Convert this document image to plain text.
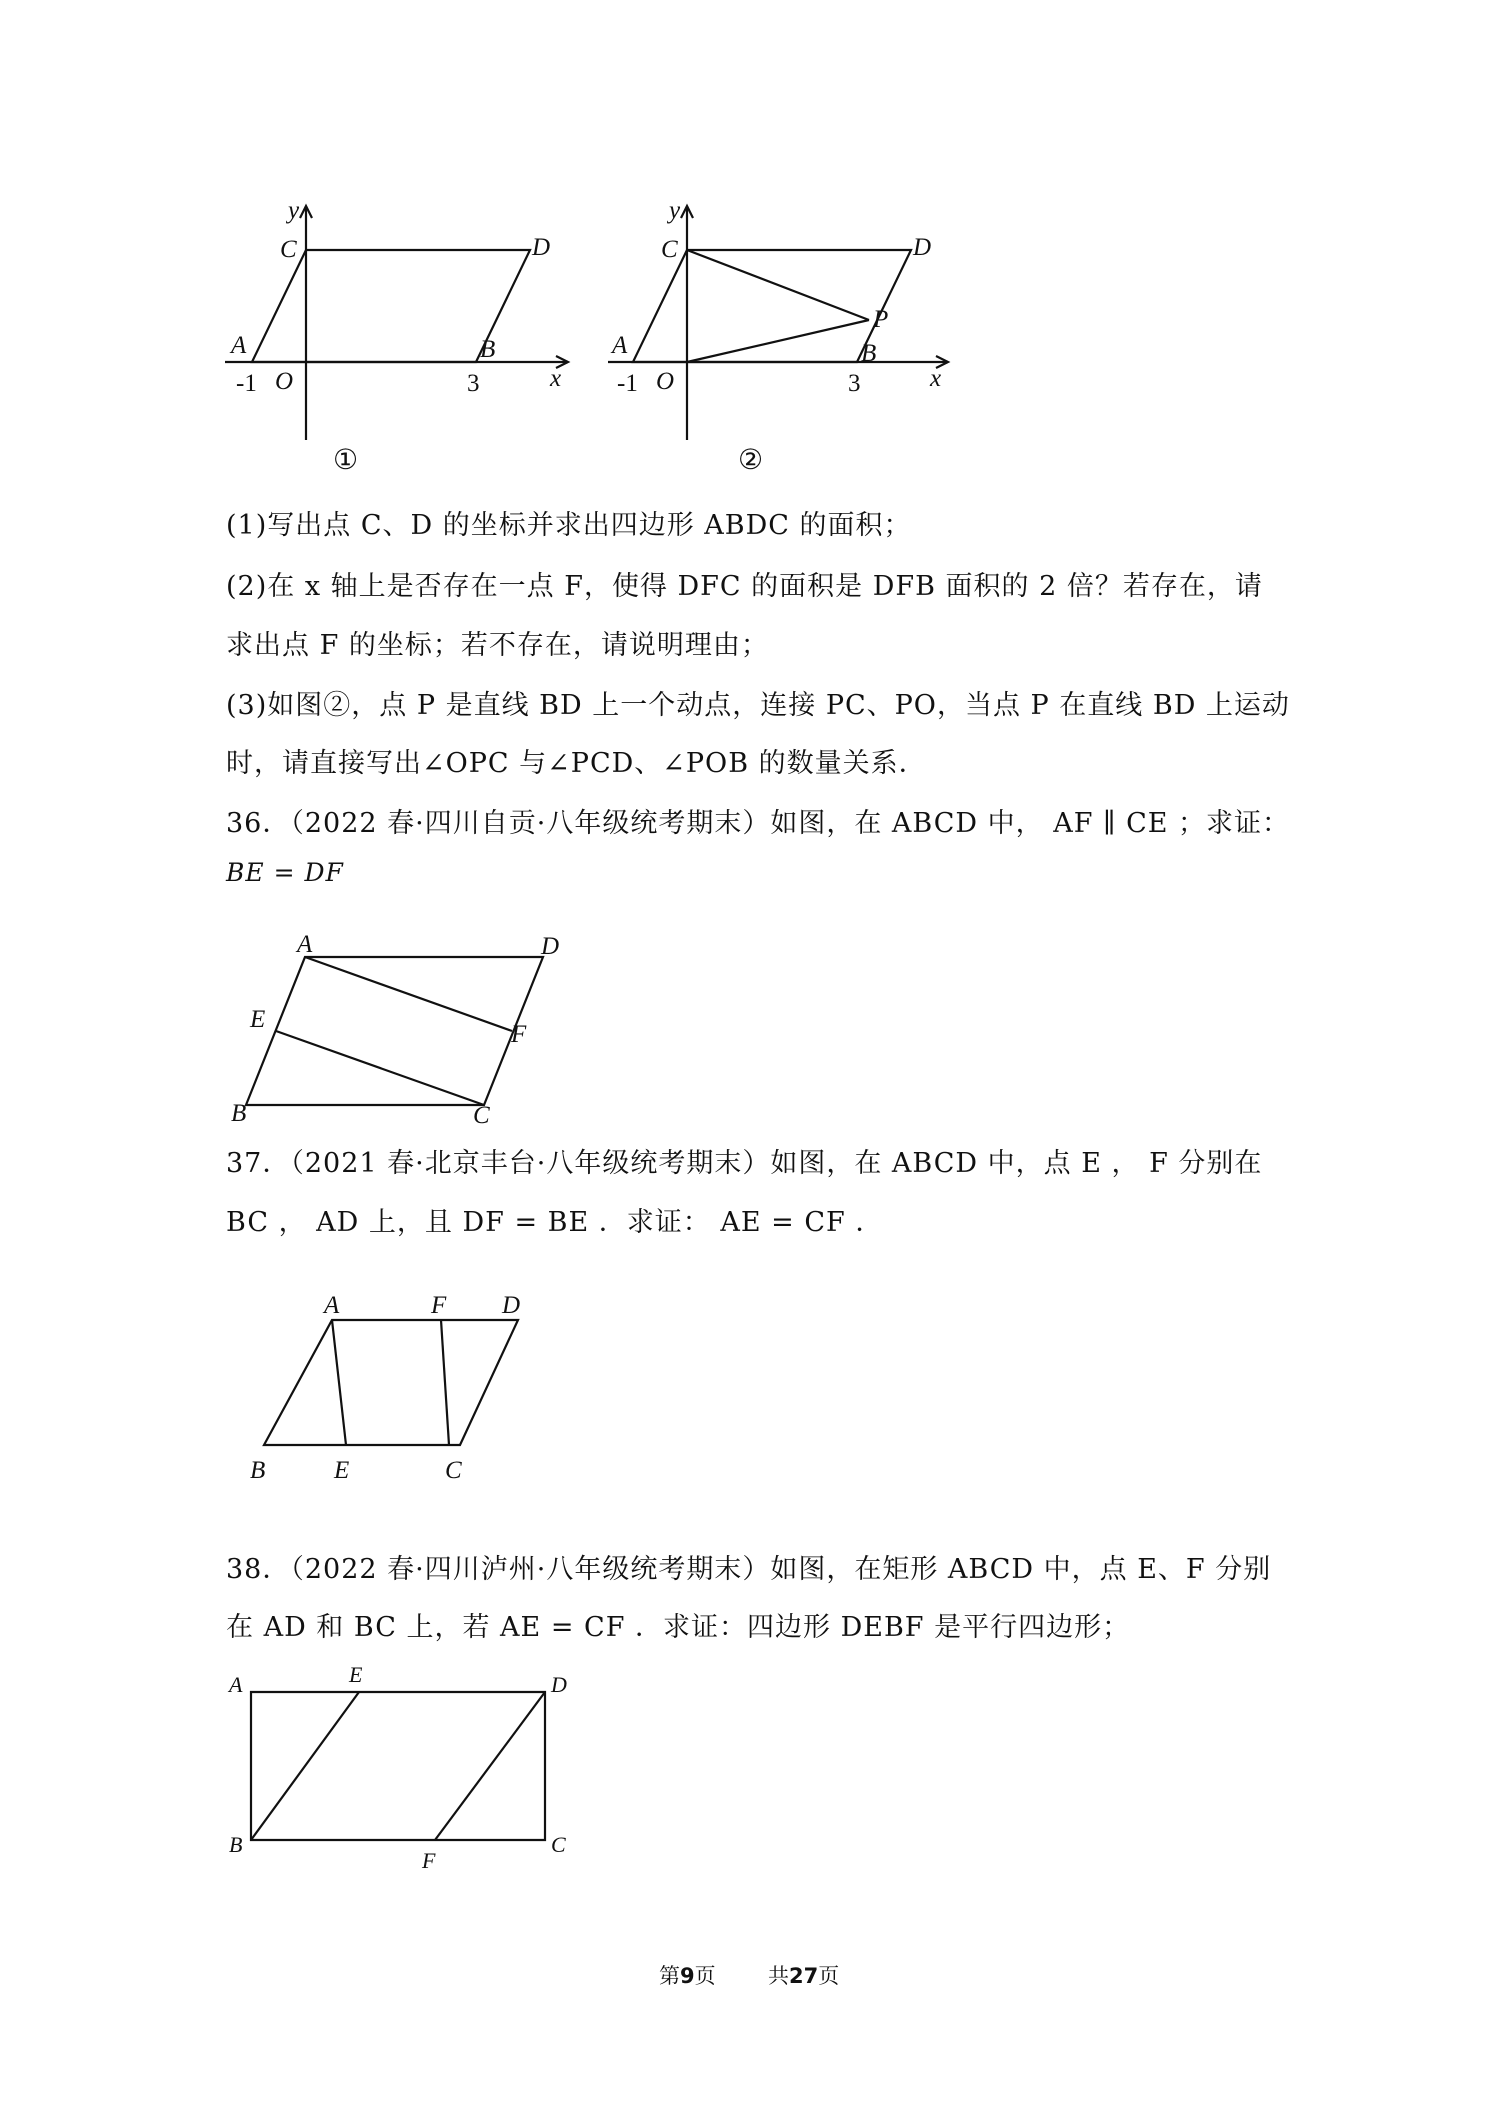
y
x
C	D
A	B
O
-1	3
①
y
x
C	D
A	B
P
O
-1	3
②
(1)写出点 C、D 的坐标并求出四边形 ABDC 的面积；
(2)在 x 轴上是否存在一点 F，使得 DFC 的面积是 DFB 面积的 2 倍？若存在，请
求出点 F 的坐标；若不存在，请说明理由；
(3)如图②，点 P 是直线 BD 上一个动点，连接 PC、PO，当点 P 在直线 BD 上运动
时，请直接写出∠OPC 与∠PCD、∠POB 的数量关系．
36．（2022 春·四川自贡·八年级统考期末）如图，在 ABCD 中， AF ∥ CE ；求证：
BE = DF
A	D
E
F
B	C
37．（2021 春·北京丰台·八年级统考期末）如图，在 ABCD 中，点 E ， F 分别在
BC ， AD 上，且 DF = BE ．求证： AE = CF ．
A	F D
B	E	C
38．（2022 春·四川泸州·八年级统考期末）如图，在矩形 ABCD 中，点 E、F 分别
在 AD 和 BC 上，若 AE = CF ．求证：四边形 DEBF 是平行四边形；
A	E	D
B
F
C
第9页 共27页
